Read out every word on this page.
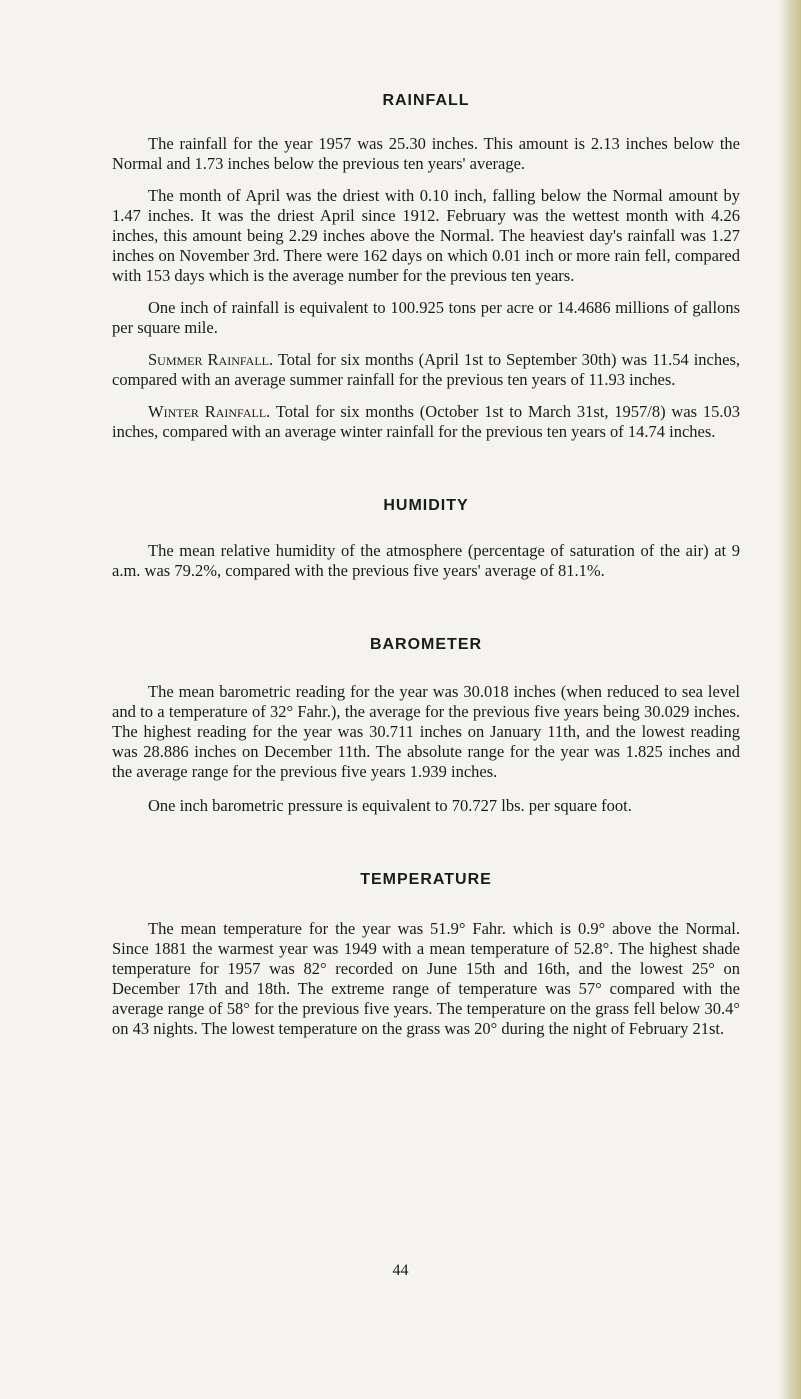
RAINFALL

The rainfall for the year 1957 was 25.30 inches. This amount is 2.13 inches below the Normal and 1.73 inches below the previous ten years' average.

The month of April was the driest with 0.10 inch, falling below the Normal amount by 1.47 inches. It was the driest April since 1912. February was the wettest month with 4.26 inches, this amount being 2.29 inches above the Normal. The heaviest day's rainfall was 1.27 inches on November 3rd. There were 162 days on which 0.01 inch or more rain fell, compared with 153 days which is the average number for the previous ten years.

One inch of rainfall is equivalent to 100.925 tons per acre or 14.4686 millions of gallons per square mile.

Summer Rainfall. Total for six months (April 1st to September 30th) was 11.54 inches, compared with an average summer rainfall for the previous ten years of 11.93 inches.

Winter Rainfall. Total for six months (October 1st to March 31st, 1957/8) was 15.03 inches, compared with an average winter rainfall for the previous ten years of 14.74 inches.

HUMIDITY

The mean relative humidity of the atmosphere (percentage of saturation of the air) at 9 a.m. was 79.2%, compared with the previous five years' average of 81.1%.

BAROMETER

The mean barometric reading for the year was 30.018 inches (when reduced to sea level and to a temperature of 32° Fahr.), the average for the previous five years being 30.029 inches. The highest reading for the year was 30.711 inches on January 11th, and the lowest reading was 28.886 inches on December 11th. The absolute range for the year was 1.825 inches and the average range for the previous five years 1.939 inches.

One inch barometric pressure is equivalent to 70.727 lbs. per square foot.

TEMPERATURE

The mean temperature for the year was 51.9° Fahr. which is 0.9° above the Normal. Since 1881 the warmest year was 1949 with a mean temperature of 52.8°. The highest shade temperature for 1957 was 82° recorded on June 15th and 16th, and the lowest 25° on December 17th and 18th. The extreme range of temperature was 57° compared with the average range of 58° for the previous five years. The temperature on the grass fell below 30.4° on 43 nights. The lowest temperature on the grass was 20° during the night of February 21st.

44
